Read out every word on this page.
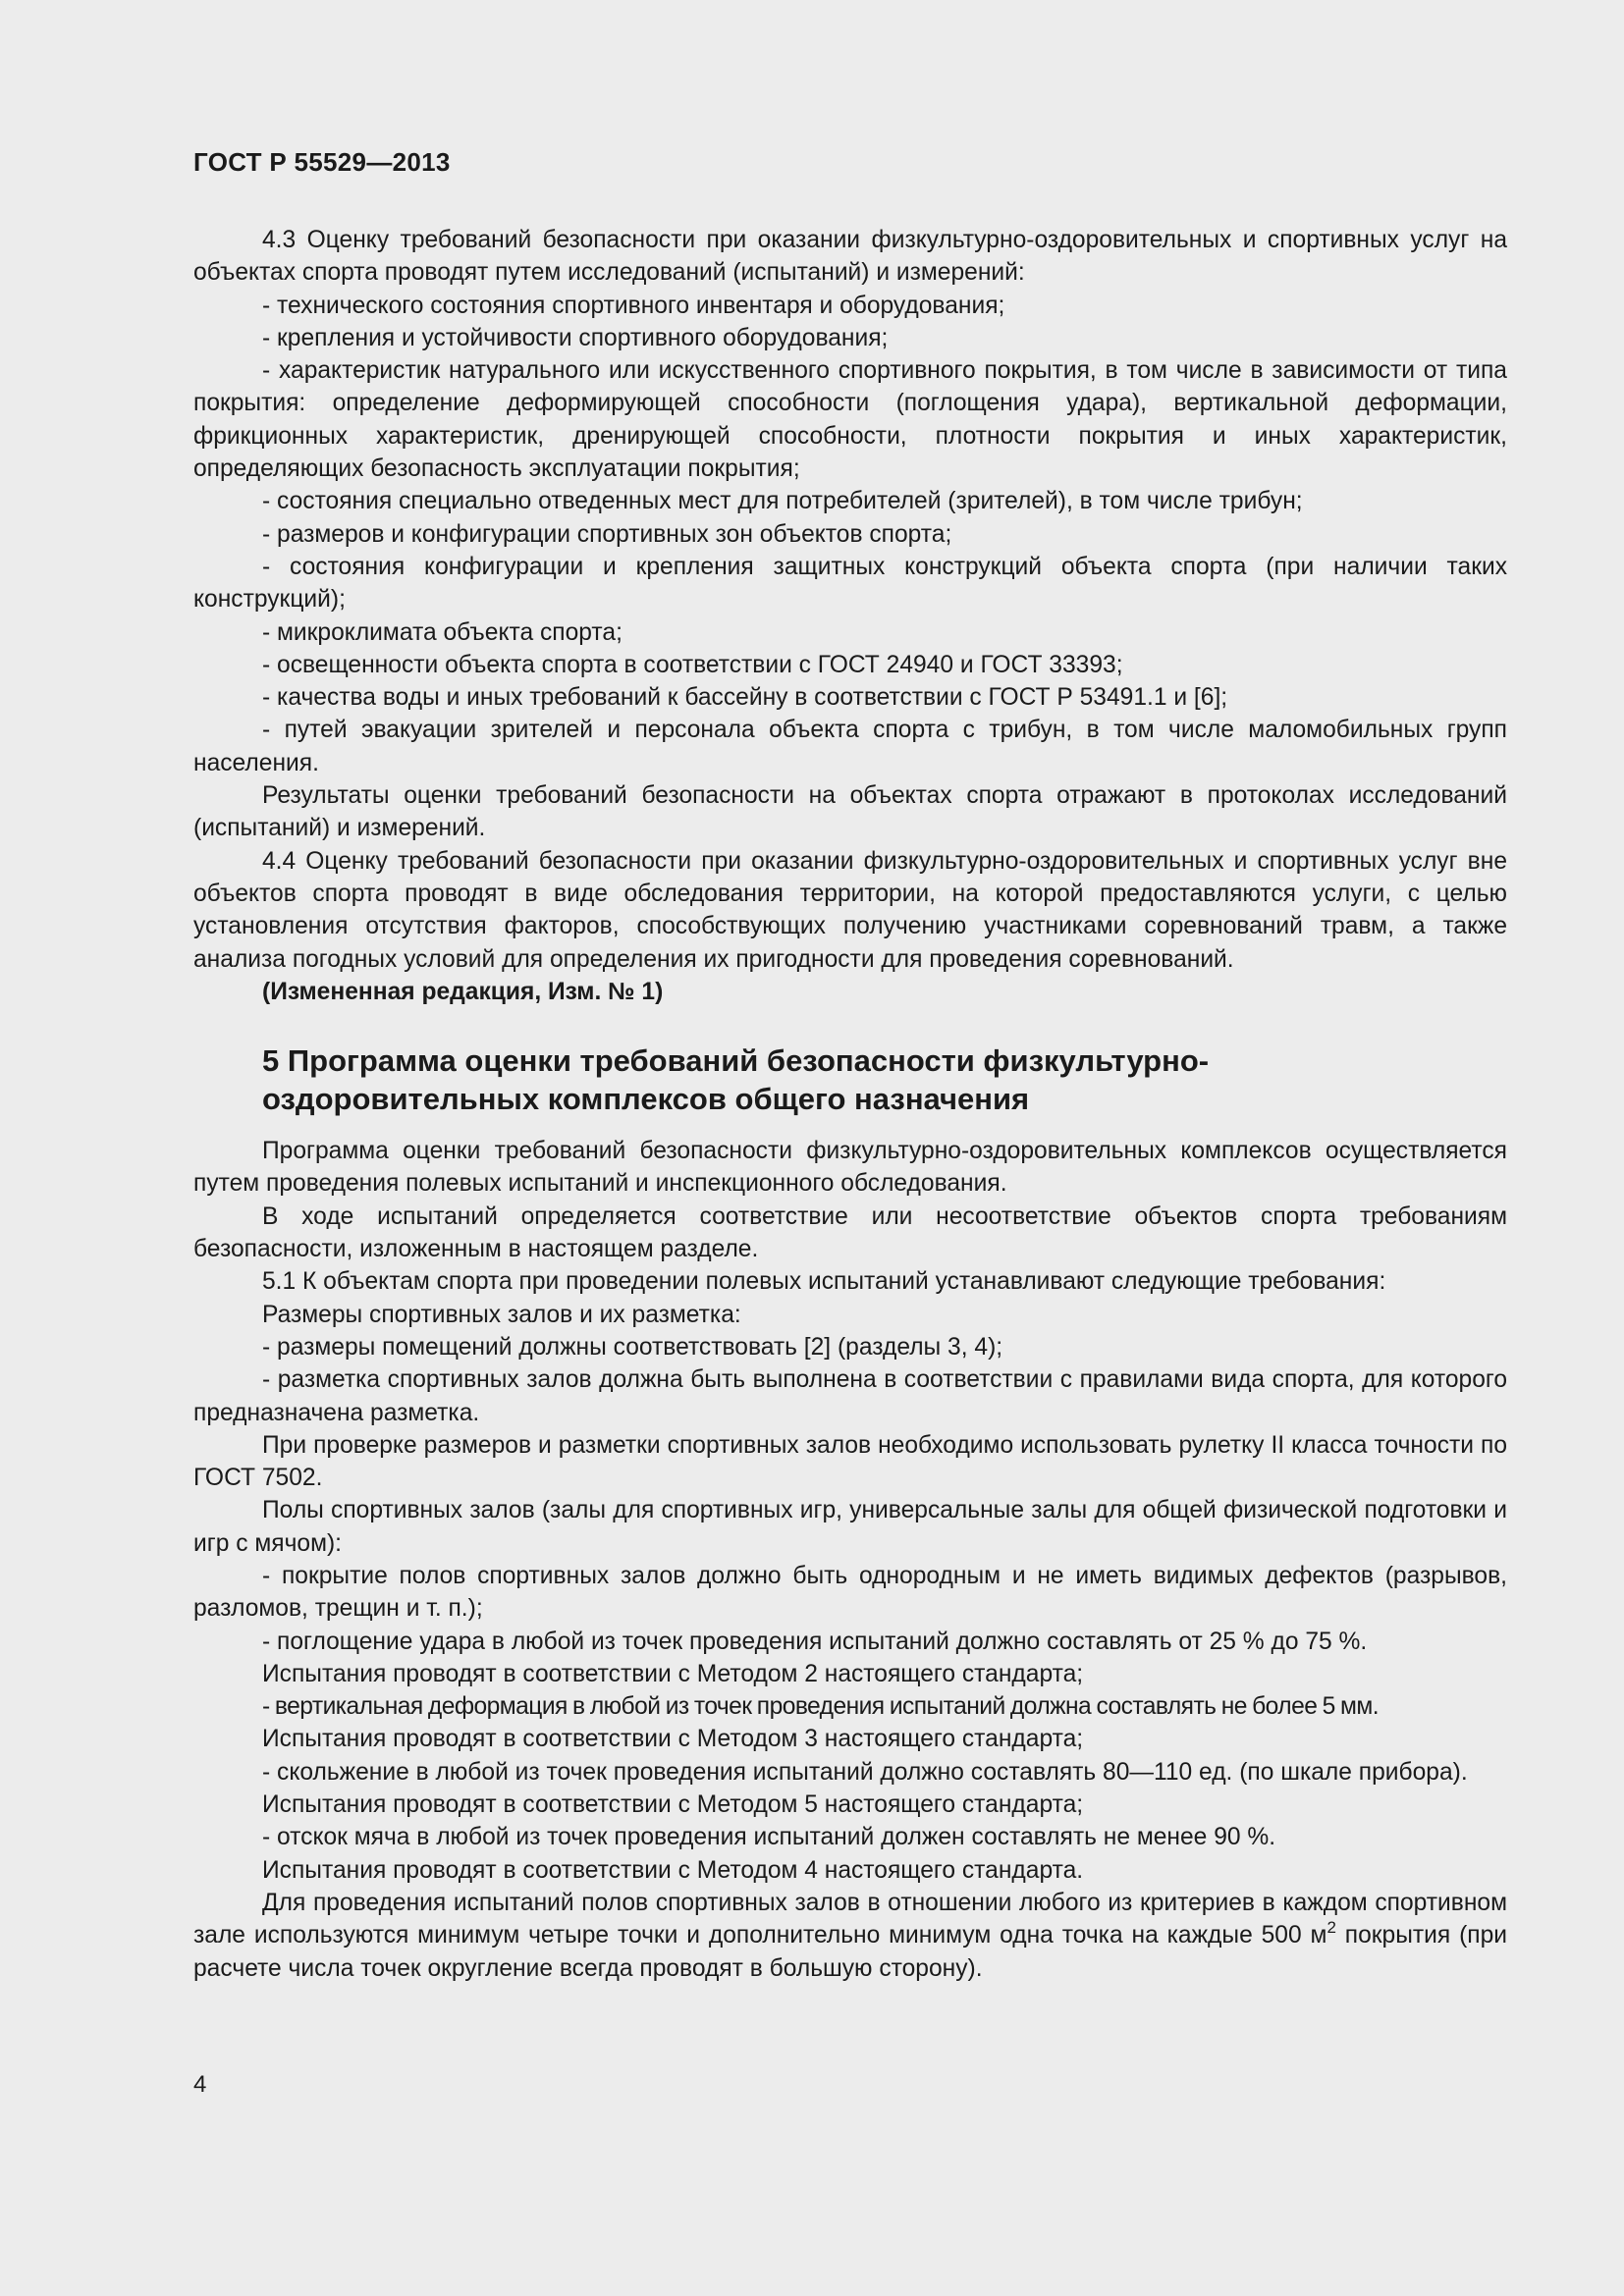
ГОСТ Р 55529—2013

4.3 Оценку требований безопасности при оказании физкультурно-оздоровительных и спортивных услуг на объектах спорта проводят путем исследований (испытаний) и измерений:

- технического состояния спортивного инвентаря и оборудования;

- крепления и устойчивости спортивного оборудования;

- характеристик натурального или искусственного спортивного покрытия, в том числе в зависимости от типа покрытия: определение деформирующей способности (поглощения удара), вертикальной деформации, фрикционных характеристик, дренирующей способности, плотности покрытия и иных характеристик, определяющих безопасность эксплуатации покрытия;

- состояния специально отведенных мест для потребителей (зрителей), в том числе трибун;

- размеров и конфигурации спортивных зон объектов спорта;

- состояния конфигурации и крепления защитных конструкций объекта спорта (при наличии таких конструкций);

- микроклимата объекта спорта;

- освещенности объекта спорта в соответствии с ГОСТ 24940 и ГОСТ 33393;

- качества воды и иных требований к бассейну в соответствии с ГОСТ Р 53491.1 и [6];

- путей эвакуации зрителей и персонала объекта спорта с трибун, в том числе маломобильных групп населения.

Результаты оценки требований безопасности на объектах спорта отражают в протоколах исследований (испытаний) и измерений.

4.4 Оценку требований безопасности при оказании физкультурно-оздоровительных и спортивных услуг вне объектов спорта проводят в виде обследования территории, на которой предоставляются услуги, с целью установления отсутствия факторов, способствующих получению участниками соревнований травм, а также анализа погодных условий для определения их пригодности для проведения соревнований.

(Измененная редакция, Изм. № 1)

5 Программа оценки требований безопасности физкультурно-
оздоровительных комплексов общего назначения

Программа оценки требований безопасности физкультурно-оздоровительных комплексов осуществляется путем проведения полевых испытаний и инспекционного обследования.

В ходе испытаний определяется соответствие или несоответствие объектов спорта требованиям безопасности, изложенным в настоящем разделе.

5.1 К объектам спорта при проведении полевых испытаний устанавливают следующие требования:

Размеры спортивных залов и их разметка:

- размеры помещений должны соответствовать [2] (разделы 3, 4);

- разметка спортивных залов должна быть выполнена в соответствии с правилами вида спорта, для которого предназначена разметка.

При проверке размеров и разметки спортивных залов необходимо использовать рулетку II класса точности по ГОСТ 7502.

Полы спортивных залов (залы для спортивных игр, универсальные залы для общей физической подготовки и игр с мячом):

- покрытие полов спортивных залов должно быть однородным и не иметь видимых дефектов (разрывов, разломов, трещин и т. п.);

- поглощение удара в любой из точек проведения испытаний должно составлять от 25 % до 75 %.

Испытания проводят в соответствии с Методом 2 настоящего стандарта;

- вертикальная деформация в любой из точек проведения испытаний должна составлять не более 5 мм.

Испытания проводят в соответствии с Методом 3 настоящего стандарта;

- скольжение в любой из точек проведения испытаний должно составлять 80—110 ед. (по шкале прибора).

Испытания проводят в соответствии с Методом 5 настоящего стандарта;

- отскок мяча в любой из точек проведения испытаний должен составлять не менее 90 %.

Испытания проводят в соответствии с Методом 4 настоящего стандарта.

Для проведения испытаний полов спортивных залов в отношении любого из критериев в каждом спортивном зале используются минимум четыре точки и дополнительно минимум одна точка на каждые 500 $м^2$ покрытия (при расчете числа точек округление всегда проводят в большую сторону).

4
